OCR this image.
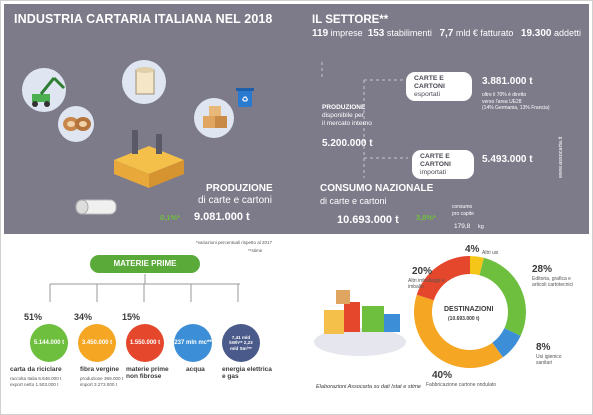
INDUSTRIA CARTARIA ITALIANA NEL 2018
♻
PRODUZIONE
di carte e cartoni
0,1%* 9.081.000 t
IL SETTORE**
119 imprese 153 stabilimenti 7,7 mld € fatturato 19.300 addetti
CARTE E CARTONI
esportati
3.881.000 t
oltre il 70% è diretto
verso l'area UE28
(14% Germania, 13% Francia)
PRODUZIONE
disponibile per
il mercato interno
5.200.000 t
CARTE E CARTONI
importati
5.493.000 t
CONSUMO NAZIONALE
di carte e cartoni
10.693.000 t 3,8%*
consumo
pro capite
179,8 kg
www.assocarta.it
*variazioni percentuali rispetto al 2017
**stime
MATERIE PRIME
51%
5.144.000 t
carta da riciclare
raccolta Italia 6.646.000 t
export netto 1.503.000 t
34%
3.450.000 t
fibra vergine
produzione 369.000 t
import 3.273.000 t
15%
1.550.000 t
materie prime
non fibrose
237 mln mc**
acqua
7,41 mld kWh** 2,23 mld Sm³**
energia elettrica
e gas
Elaborazioni Assocarta su dati Istat e stime
DESTINAZIONI
(10.693.000 t)
4% Altri usi
28%
Editoria, grafica e articoli cartotecnici
8%
Usi igienico sanitari
40%
Fabbricazione cartone ondulato
20%
Altri imballaggi e imballo
